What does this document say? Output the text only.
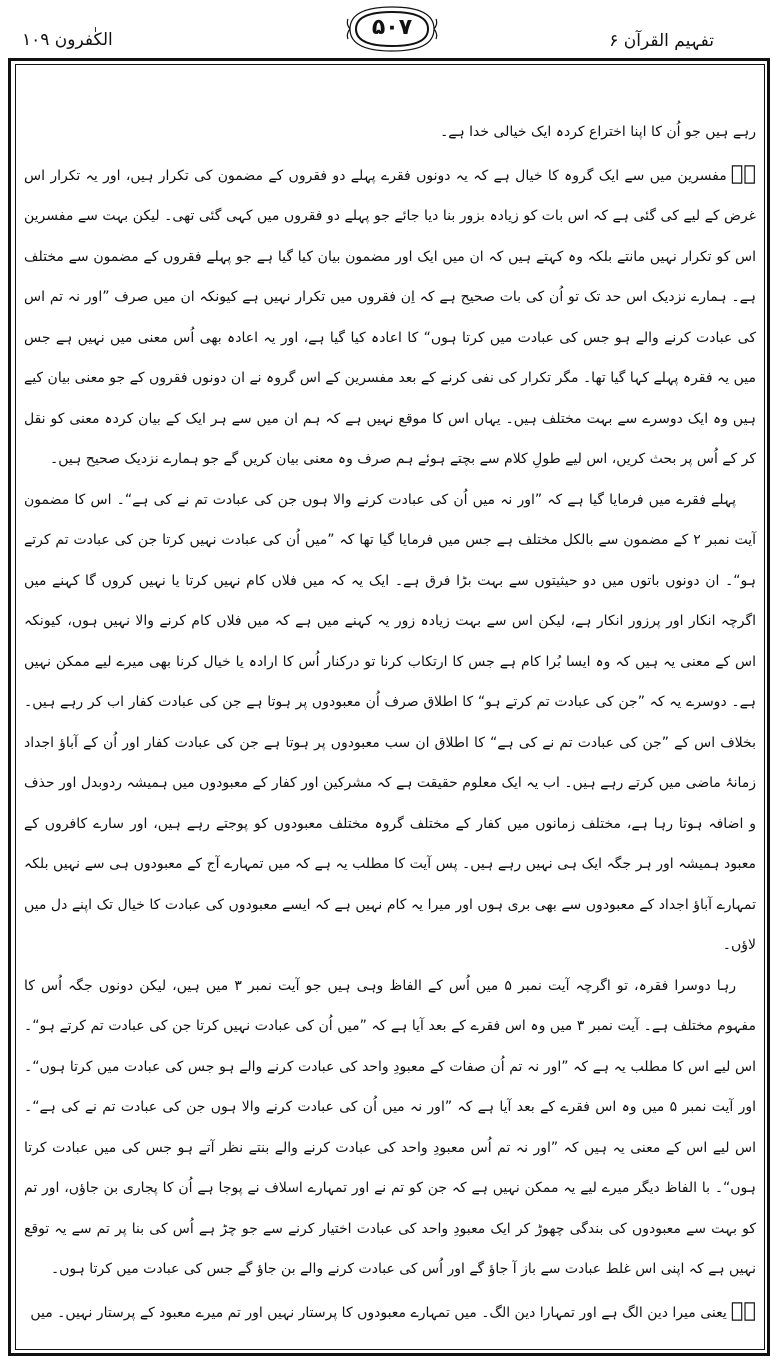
الکٰفرون ۱۰۹	۵۰۷
تفہیم القرآن ۶

رہے ہیں جو اُن کا اپنا اختراع کردہ ایک خیالی خدا ہے۔

۴ؐمفسرین میں سے ایک گروہ کا خیال ہے کہ یہ دونوں فقرے پہلے دو فقروں کے مضمون کی تکرار ہیں، اور یہ تکرار اس غرض کے لیے کی گئی ہے کہ اس بات کو زیادہ بزور بنا دیا جائے جو پہلے دو فقروں میں کہی گئی تھی۔ لیکن بہت سے مفسرین اس کو تکرار نہیں مانتے بلکہ وہ کہتے ہیں کہ ان میں ایک اور مضمون بیان کیا گیا ہے جو پہلے فقروں کے مضمون سے مختلف ہے۔ ہمارے نزدیک اس حد تک تو اُن کی بات صحیح ہے کہ اِن فقروں میں تکرار نہیں ہے کیونکہ ان میں صرف ”اور نہ تم اس کی عبادت کرنے والے ہو جس کی عبادت میں کرتا ہوں“ کا اعادہ کیا گیا ہے، اور یہ اعادہ بھی اُس معنی میں نہیں ہے جس میں یہ فقرہ پہلے کہا گیا تھا۔ مگر تکرار کی نفی کرنے کے بعد مفسرین کے اس گروہ نے ان دونوں فقروں کے جو معنی بیان کیے ہیں وہ ایک دوسرے سے بہت مختلف ہیں۔ یہاں اس کا موقع نہیں ہے کہ ہم ان میں سے ہر ایک کے بیان کردہ معنی کو نقل کر کے اُس پر بحث کریں، اس لیے طولِ کلام سے بچتے ہوئے ہم صرف وہ معنی بیان کریں گے جو ہمارے نزدیک صحیح ہیں۔

پہلے فقرے میں فرمایا گیا ہے کہ ”اور نہ میں اُن کی عبادت کرنے والا ہوں جن کی عبادت تم نے کی ہے“۔ اس کا مضمون آیت نمبر ۲ کے مضمون سے بالکل مختلف ہے جس میں فرمایا گیا تھا کہ ”میں اُن کی عبادت نہیں کرتا جن کی عبادت تم کرتے ہو“۔ ان دونوں باتوں میں دو حیثیتوں سے بہت بڑا فرق ہے۔ ایک یہ کہ میں فلاں کام نہیں کرتا یا نہیں کروں گا کہنے میں اگرچہ انکار اور پرزور انکار ہے، لیکن اس سے بہت زیادہ زور یہ کہنے میں ہے کہ میں فلاں کام کرنے والا نہیں ہوں، کیونکہ اس کے معنی یہ ہیں کہ وہ ایسا بُرا کام ہے جس کا ارتکاب کرنا تو درکنار اُس کا ارادہ یا خیال کرنا بھی میرے لیے ممکن نہیں ہے۔ دوسرے یہ کہ ”جن کی عبادت تم کرتے ہو“ کا اطلاق صرف اُن معبودوں پر ہوتا ہے جن کی عبادت کفار اب کر رہے ہیں۔ بخلاف اس کے ”جن کی عبادت تم نے کی ہے“ کا اطلاق ان سب معبودوں پر ہوتا ہے جن کی عبادت کفار اور اُن کے آباؤ اجداد زمانۂ ماضی میں کرتے رہے ہیں۔ اب یہ ایک معلوم حقیقت ہے کہ مشرکین اور کفار کے معبودوں میں ہمیشہ ردوبدل اور حذف و اضافہ ہوتا رہا ہے، مختلف زمانوں میں کفار کے مختلف گروہ مختلف معبودوں کو پوجتے رہے ہیں، اور سارے کافروں کے معبود ہمیشہ اور ہر جگہ ایک ہی نہیں رہے ہیں۔ پس آیت کا مطلب یہ ہے کہ میں تمہارے آج کے معبودوں ہی سے نہیں بلکہ تمہارے آباؤ اجداد کے معبودوں سے بھی بری ہوں اور میرا یہ کام نہیں ہے کہ ایسے معبودوں کی عبادت کا خیال تک اپنے دل میں لاؤں۔

رہا دوسرا فقرہ، تو اگرچہ آیت نمبر ۵ میں اُس کے الفاظ وہی ہیں جو آیت نمبر ۳ میں ہیں، لیکن دونوں جگہ اُس کا مفہوم مختلف ہے۔ آیت نمبر ۳ میں وہ اس فقرے کے بعد آیا ہے کہ ”میں اُن کی عبادت نہیں کرتا جن کی عبادت تم کرتے ہو“۔ اس لیے اس کا مطلب یہ ہے کہ ”اور نہ تم اُن صفات کے معبودِ واحد کی عبادت کرنے والے ہو جس کی عبادت میں کرتا ہوں“۔ اور آیت نمبر ۵ میں وہ اس فقرے کے بعد آیا ہے کہ ”اور نہ میں اُن کی عبادت کرنے والا ہوں جن کی عبادت تم نے کی ہے“۔ اس لیے اس کے معنی یہ ہیں کہ ”اور نہ تم اُس معبودِ واحد کی عبادت کرنے والے بنتے نظر آتے ہو جس کی میں عبادت کرتا ہوں“۔ با الفاظ دیگر میرے لیے یہ ممکن نہیں ہے کہ جن کو تم نے اور تمہارے اسلاف نے پوجا ہے اُن کا پجاری بن جاؤں، اور تم کو بہت سے معبودوں کی بندگی چھوڑ کر ایک معبودِ واحد کی عبادت اختیار کرنے سے جو چڑ ہے اُس کی بنا پر تم سے یہ توقع نہیں ہے کہ اپنی اس غلط عبادت سے باز آ جاؤ گے اور اُس کی عبادت کرنے والے بن جاؤ گے جس کی عبادت میں کرتا ہوں۔

۵ؐیعنی میرا دین الگ ہے اور تمہارا دین الگ۔ میں تمہارے معبودوں کا پرستار نہیں اور تم میرے معبود کے پرستار نہیں۔ میں
